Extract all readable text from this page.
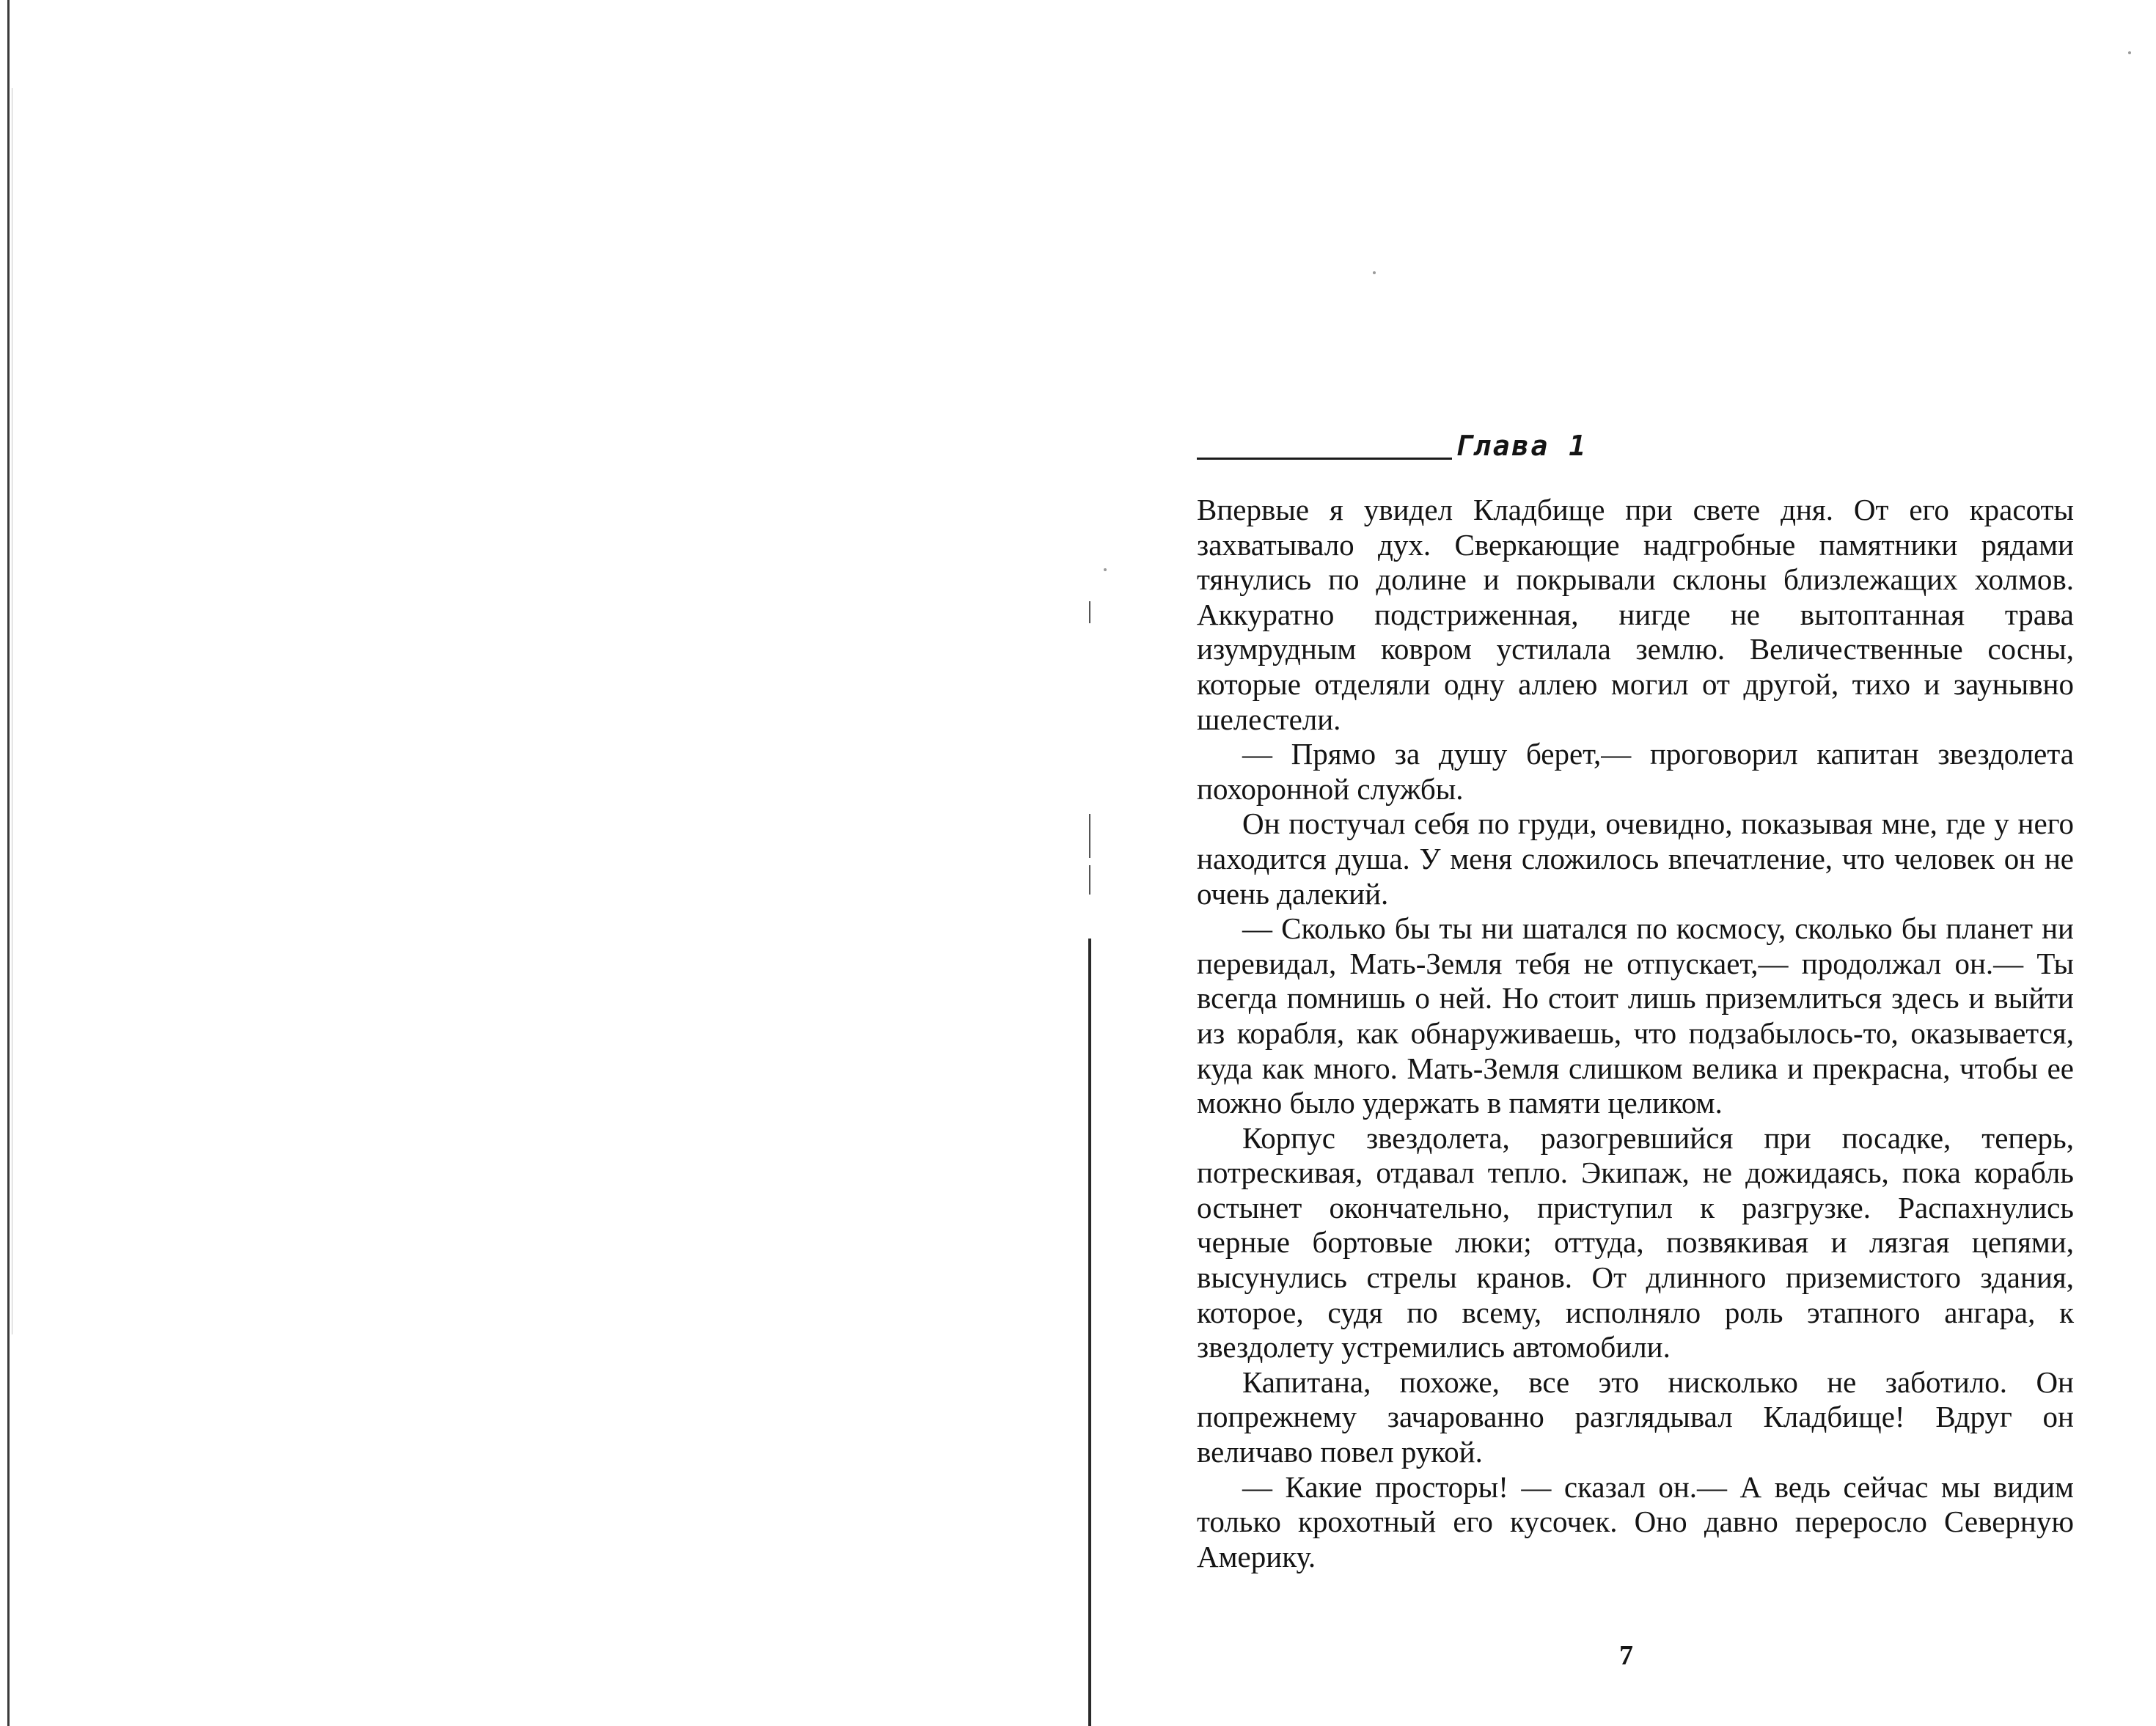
Глава 1

Впервые я увидел Кладбище при свете дня. От его красоты захватывало дух. Сверкающие надгробные памятники рядами тянулись по долине и покрывали склоны близлежащих холмов. Аккуратно подстриженная, нигде не вытоптанная трава изумрудным ковром устилала землю. Величественные сосны, которые отделяли одну аллею могил от другой, тихо и заунывно шелестели.

— Прямо за душу берет,— проговорил капитан звездолета похоронной службы.

Он постучал себя по груди, очевидно, показывая мне, где у него находится душа. У меня сложилось впечатление, что человек он не очень далекий.

— Сколько бы ты ни шатался по космосу, сколько бы планет ни перевидал, Мать-Земля тебя не отпускает,— продолжал он.— Ты всегда помнишь о ней. Но стоит лишь приземлиться здесь и выйти из корабля, как обнаруживаешь, что подзабылось-то, оказывается, куда как много. Мать-Земля слишком велика и прекрасна, чтобы ее можно было удержать в памяти целиком.

Корпус звездолета, разогревшийся при посадке, теперь, потрескивая, отдавал тепло. Экипаж, не дожидаясь, пока корабль остынет окончательно, приступил к разгрузке. Распахнулись черные бортовые люки; оттуда, позвякивая и лязгая цепями, высунулись стрелы кранов. От длинного приземистого здания, которое, судя по всему, исполняло роль этапного ангара, к звездолету устремились автомобили.

Капитана, похоже, все это нисколько не заботило. Он попрежнему зачарованно разглядывал Кладбище! Вдруг он величаво повел рукой.

— Какие просторы! — сказал он.— А ведь сейчас мы видим только крохотный его кусочек. Оно давно переросло Северную Америку.

7
